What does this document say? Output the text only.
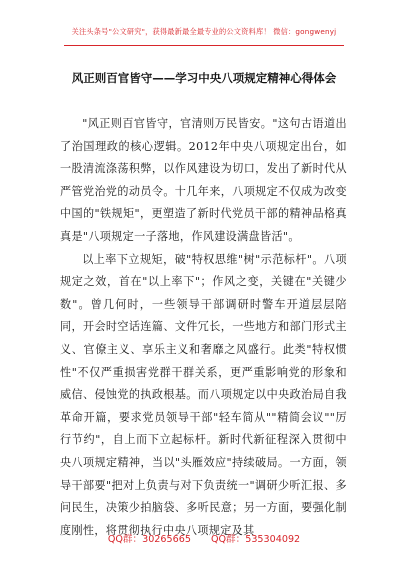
关注头条号"公文研究"，获得最新最全最专业的公文资料库！ 微信：gongwenyj
风正则百官皆守——学习中央八项规定精神心得体会

"风正则百官皆守，官清则万民皆安。"这句古语道出了治国理政的核心逻辑。2012年中央八项规定出台，如一股清流涤荡积弊，以作风建设为切口，发出了新时代从严管党治党的动员令。十几年来，八项规定不仅成为改变中国的"铁规矩"，更塑造了新时代党员干部的精神品格真真是"八项规定一子落地，作风建设满盘皆活"。

以上率下立规矩，破"特权思维"树"示范标杆"。八项规定之效，首在"以上率下"；作风之变，关键在"关键少数"。曾几何时，一些领导干部调研时警车开道层层陪同，开会时空话连篇、文件冗长，一些地方和部门形式主义、官僚主义、享乐主义和奢靡之风盛行。此类"特权惯性"不仅严重损害党群干群关系，更严重影响党的形象和威信、侵蚀党的执政根基。而八项规定以中央政治局自我革命开篇，要求党员领导干部"轻车简从""精简会议""厉行节约"，自上而下立起标杆。新时代新征程深入贯彻中央八项规定精神，当以"头雁效应"持续破局。一方面，领导干部要"把对上负责与对下负责统一"调研少听汇报、多问民生，决策少拍脑袋、多听民意；另一方面，要强化制度刚性，将贯彻执行中央八项规定及其

QQ群：30265665 QQ群：535304092
